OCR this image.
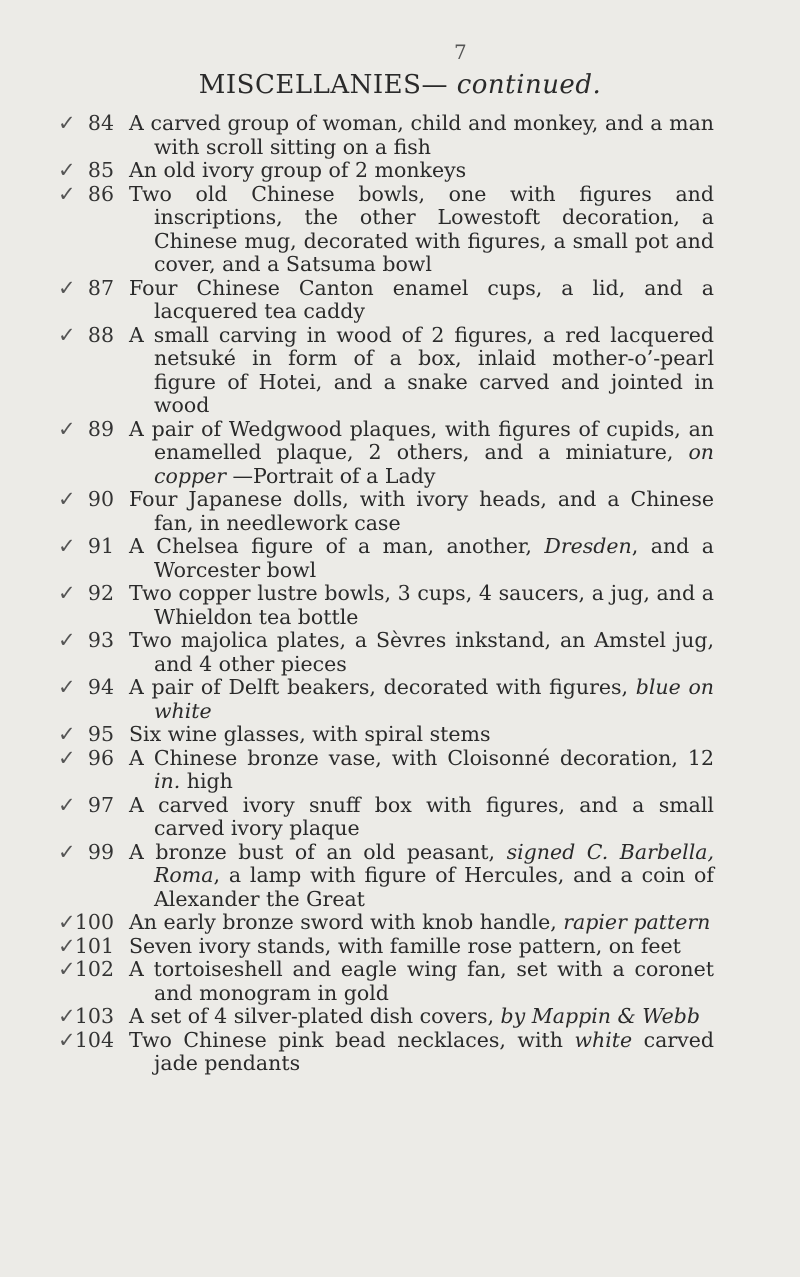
7
MISCELLANIES— continued.
✓ 84 A carved group of woman, child and monkey, and a man with scroll sitting on a fish
✓ 85 An old ivory group of 2 monkeys
✓ 86 Two old Chinese bowls, one with figures and inscriptions, the other Lowestoft decoration, a Chinese mug, decorated with figures, a small pot and cover, and a Satsuma bowl
✓ 87 Four Chinese Canton enamel cups, a lid, and a lacquered tea caddy
✓ 88 A small carving in wood of 2 figures, a red lacquered netsuké in form of a box, inlaid mother-o’-pearl figure of Hotei, and a snake carved and jointed in wood
✓ 89 A pair of Wedgwood plaques, with figures of cupids, an enamelled plaque, 2 others, and a miniature, on copper —Portrait of a Lady
✓ 90 Four Japanese dolls, with ivory heads, and a Chinese fan, in needlework case
✓ 91 A Chelsea figure of a man, another, Dresden, and a Worcester bowl
✓ 92 Two copper lustre bowls, 3 cups, 4 saucers, a jug, and a Whieldon tea bottle
✓ 93 Two majolica plates, a Sèvres inkstand, an Amstel jug, and 4 other pieces
✓ 94 A pair of Delft beakers, decorated with figures, blue on white
✓ 95 Six wine glasses, with spiral stems
✓ 96 A Chinese bronze vase, with Cloisonné decoration, 12 in. high
✓ 97 A carved ivory snuff box with figures, and a small carved ivory plaque
✓ 99 A bronze bust of an old peasant, signed C. Barbella, Roma, a lamp with figure of Hercules, and a coin of Alexander the Great
✓ 100 An early bronze sword with knob handle, rapier pattern
✓ 101 Seven ivory stands, with famille rose pattern, on feet
✓ 102 A tortoiseshell and eagle wing fan, set with a coronet and monogram in gold
✓ 103 A set of 4 silver-plated dish covers, by Mappin & Webb
✓ 104 Two Chinese pink bead necklaces, with white carved jade pendants
